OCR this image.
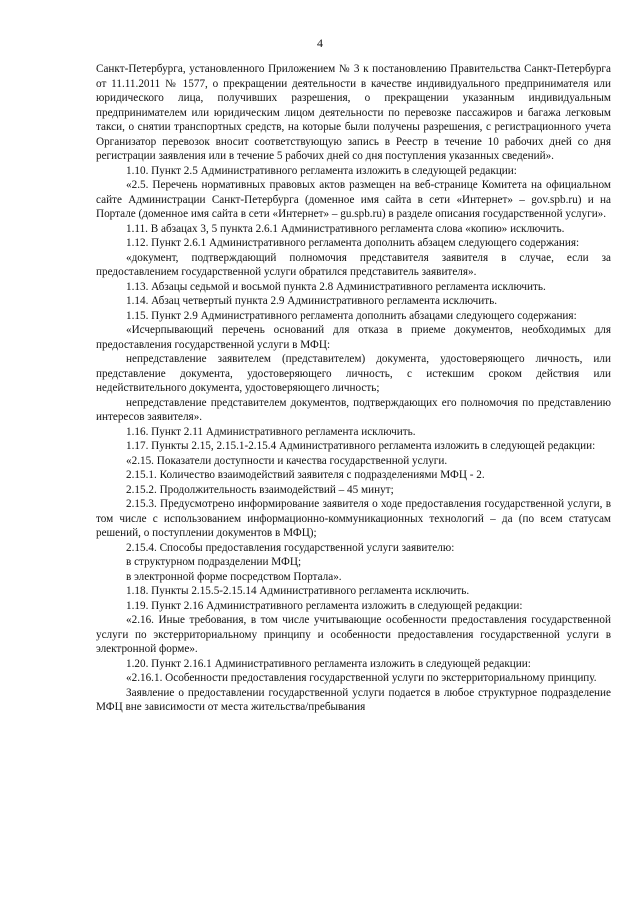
4

Санкт-Петербурга, установленного Приложением № 3 к постановлению Правительства Санкт-Петербурга от 11.11.2011 № 1577, о прекращении деятельности в качестве индивидуального предпринимателя или юридического лица, получивших разрешения, о прекращении указанным индивидуальным предпринимателем или юридическим лицом деятельности по перевозке пассажиров и багажа легковым такси, о снятии транспортных средств, на которые были получены разрешения, с регистрационного учета Организатор перевозок вносит соответствующую запись в Реестр в течение 10 рабочих дней со дня регистрации заявления или в течение 5 рабочих дней со дня поступления указанных сведений».

1.10. Пункт 2.5 Административного регламента изложить в следующей редакции:

«2.5. Перечень нормативных правовых актов размещен на веб-странице Комитета на официальном сайте Администрации Санкт-Петербурга (доменное имя сайта в сети «Интернет» – gov.spb.ru) и на Портале (доменное имя сайта в сети «Интернет» – gu.spb.ru) в разделе описания государственной услуги».

1.11. В абзацах 3, 5 пункта 2.6.1 Административного регламента слова «копию» исключить.

1.12. Пункт 2.6.1 Административного регламента дополнить абзацем следующего содержания:

«документ, подтверждающий полномочия представителя заявителя в случае, если за предоставлением государственной услуги обратился представитель заявителя».

1.13. Абзацы седьмой и восьмой пункта 2.8 Административного регламента исключить.

1.14. Абзац четвертый пункта 2.9 Административного регламента исключить.

1.15. Пункт 2.9 Административного регламента дополнить абзацами следующего содержания:

«Исчерпывающий перечень оснований для отказа в приеме документов, необходимых для предоставления государственной услуги в МФЦ:

непредставление заявителем (представителем) документа, удостоверяющего личность, или представление документа, удостоверяющего личность, с истекшим сроком действия или недействительного документа, удостоверяющего личность;

непредставление представителем документов, подтверждающих его полномочия по представлению интересов заявителя».

1.16. Пункт 2.11 Административного регламента исключить.

1.17. Пункты 2.15, 2.15.1-2.15.4 Административного регламента изложить в следующей редакции:

«2.15. Показатели доступности и качества государственной услуги.

2.15.1. Количество взаимодействий заявителя с подразделениями МФЦ - 2.

2.15.2. Продолжительность взаимодействий – 45 минут;

2.15.3. Предусмотрено информирование заявителя о ходе предоставления государственной услуги, в том числе с использованием информационно-коммуникационных технологий – да (по всем статусам решений, о поступлении документов в МФЦ);

2.15.4. Способы предоставления государственной услуги заявителю:

в структурном подразделении МФЦ;

в электронной форме посредством Портала».

1.18. Пункты 2.15.5-2.15.14 Административного регламента исключить.

1.19. Пункт 2.16 Административного регламента изложить в следующей редакции:

«2.16. Иные требования, в том числе учитывающие особенности предоставления государственной услуги по экстерриториальному принципу и особенности предоставления государственной услуги в электронной форме».

1.20. Пункт 2.16.1 Административного регламента изложить в следующей редакции:

«2.16.1. Особенности предоставления государственной услуги по экстерриториальному принципу.

Заявление о предоставлении государственной услуги подается в любое структурное подразделение МФЦ вне зависимости от места жительства/пребывания
